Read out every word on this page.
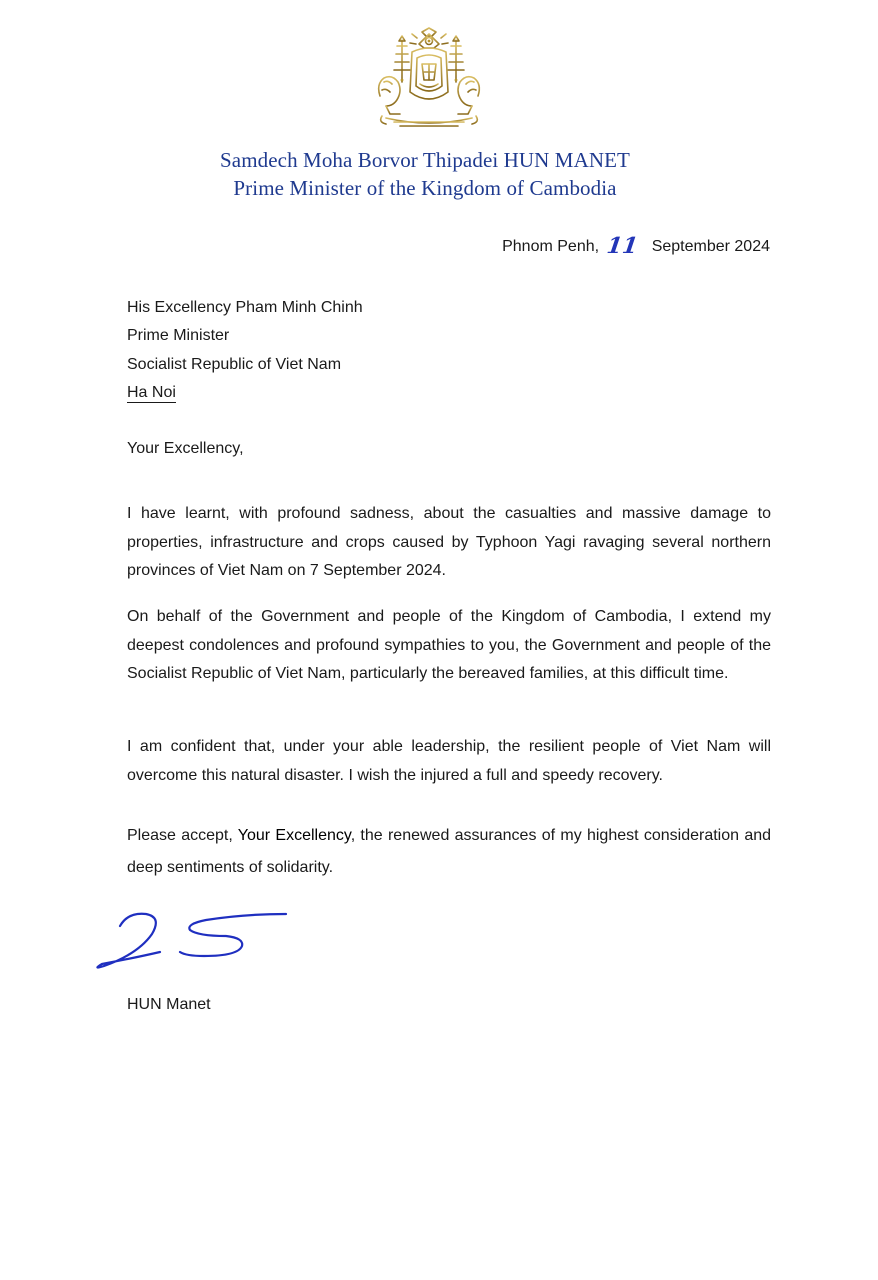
Samdech Moha Borvor Thipadei HUN MANET
Prime Minister of the Kingdom of Cambodia
Phnom Penh, 11 September 2024
His Excellency Pham Minh Chinh
Prime Minister
Socialist Republic of Viet Nam
Ha Noi
Your Excellency,
I have learnt, with profound sadness, about the casualties and massive damage to properties, infrastructure and crops caused by Typhoon Yagi ravaging several northern provinces of Viet Nam on 7 September 2024.
On behalf of the Government and people of the Kingdom of Cambodia, I extend my deepest condolences and profound sympathies to you, the Government and people of the Socialist Republic of Viet Nam, particularly the bereaved families, at this difficult time.
I am confident that, under your able leadership, the resilient people of Viet Nam will overcome this natural disaster. I wish the injured a full and speedy recovery.
Please accept, Your Excellency, the renewed assurances of my highest consideration and deep sentiments of solidarity.
HUN Manet
